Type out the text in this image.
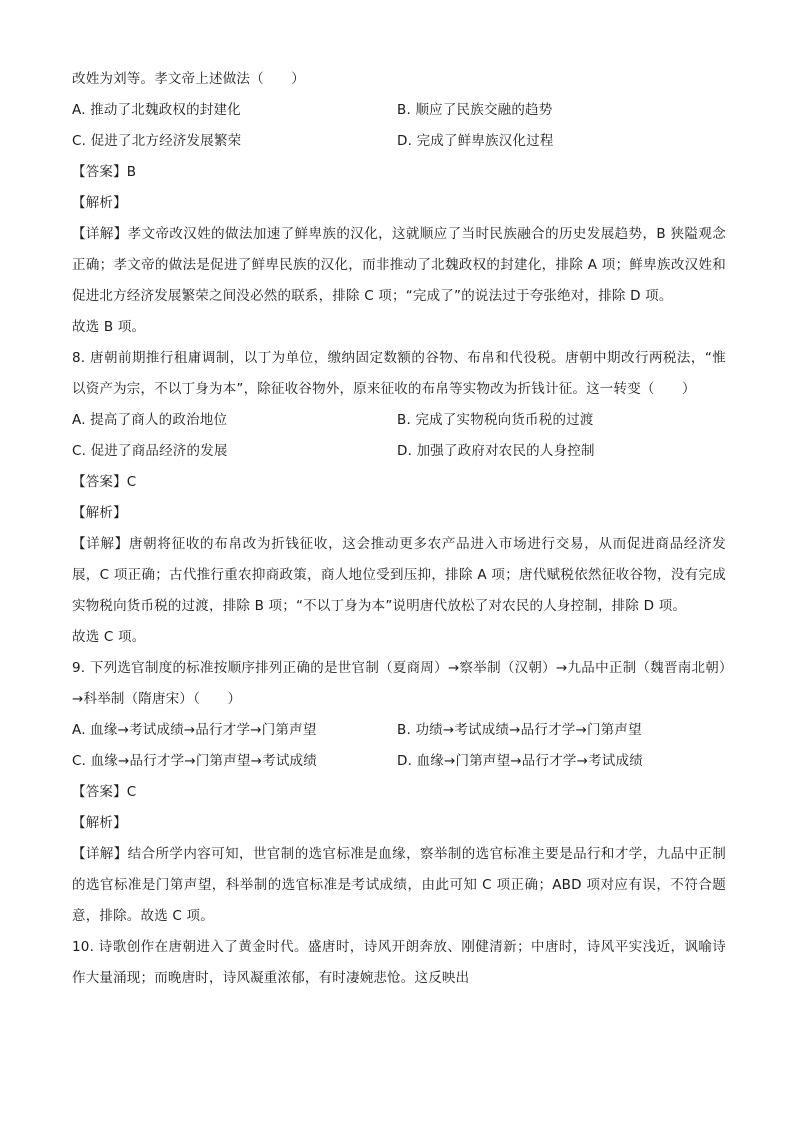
改姓为刘等。孝文帝上述做法（　　）
A. 推动了北魏政权的封建化	B. 顺应了民族交融的趋势
C. 促进了北方经济发展繁荣	D. 完成了鲜卑族汉化过程
【答案】B
【解析】
【详解】孝文帝改汉姓的做法加速了鲜卑族的汉化，这就顺应了当时民族融合的历史发展趋势，B 狭隘观念正确；孝文帝的做法是促进了鲜卑民族的汉化，而非推动了北魏政权的封建化，排除 A 项；鲜卑族改汉姓和促进北方经济发展繁荣之间没必然的联系，排除 C 项；“完成了”的说法过于夸张绝对，排除 D 项。
故选 B 项。
8. 唐朝前期推行租庸调制，以丁为单位，缴纳固定数额的谷物、布帛和代役税。唐朝中期改行两税法，“惟以资产为宗，不以丁身为本”，除征收谷物外，原来征收的布帛等实物改为折钱计征。这一转变（　　）
A. 提高了商人的政治地位	B. 完成了实物税向货币税的过渡
C. 促进了商品经济的发展	D. 加强了政府对农民的人身控制
【答案】C
【解析】
【详解】唐朝将征收的布帛改为折钱征收，这会推动更多农产品进入市场进行交易，从而促进商品经济发展，C 项正确；古代推行重农抑商政策，商人地位受到压抑，排除 A 项；唐代赋税依然征收谷物，没有完成实物税向货币税的过渡，排除 B 项；“不以丁身为本”说明唐代放松了对农民的人身控制，排除 D 项。
故选 C 项。
9. 下列选官制度的标准按顺序排列正确的是世官制（夏商周）→察举制（汉朝）→九品中正制（魏晋南北朝）→科举制（隋唐宋）（　　）
A. 血缘→考试成绩→品行才学→门第声望	B. 功绩→考试成绩→品行才学→门第声望
C. 血缘→品行才学→门第声望→考试成绩	D. 血缘→门第声望→品行才学→考试成绩
【答案】C
【解析】
【详解】结合所学内容可知，世官制的选官标准是血缘，察举制的选官标准主要是品行和才学，九品中正制的选官标准是门第声望，科举制的选官标准是考试成绩，由此可知 C 项正确；ABD 项对应有误，不符合题意，排除。故选 C 项。
10. 诗歌创作在唐朝进入了黄金时代。盛唐时，诗风开朗奔放、刚健清新；中唐时，诗风平实浅近，讽喻诗作大量涌现；而晚唐时，诗风凝重浓郁，有时凄婉悲怆。这反映出
